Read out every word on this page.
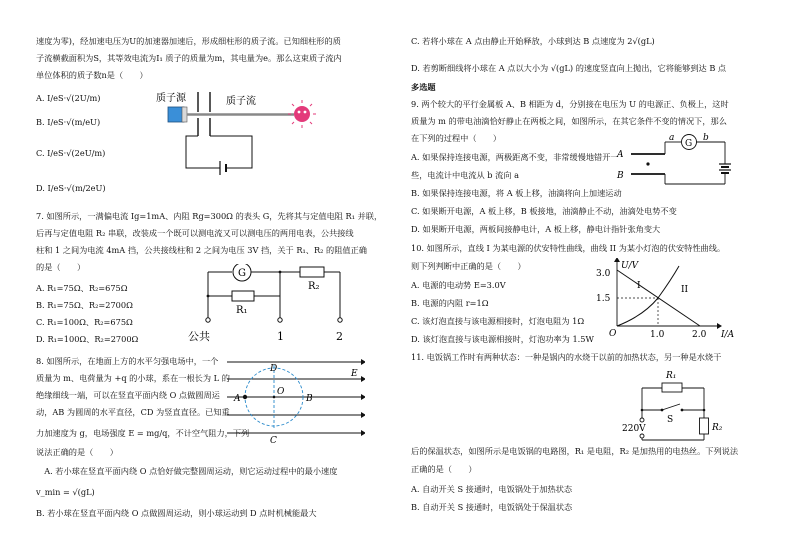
速度为零)，经加速电压为U的加速器加速后，形成细柱形的质子流。已知细柱形的质
子流横截面积为S，其等效电流为I₁ 质子的质量为m，其电量为e。那么这束质子流内
单位体积的质子数n是（　　）
A. I/eS·√(2U/m)
B. I/eS·√(m/eU)
C. I/eS·√(2eU/m)
D. I/eS·√(m/2eU)
质子源	质子流
7. 如图所示，一满偏电流 Ig=1mA、内阻 Rg=300Ω 的表头 G，先将其与定值电阻 R₁ 并联，
后再与定值电阻 R₂ 串联，改装成一个既可以测电流又可以测电压的两用电表，公共接线
柱和 1 之间为电流 4mA 挡，公共接线柱和 2 之间为电压 3V 挡，关于 R₁、R₂ 的阻值正确
的是（　　）
A. R₁=75Ω、R₂=675Ω
B. R₁=75Ω、R₂=2700Ω
C. R₁=100Ω、R₂=675Ω
D. R₁=100Ω、R₂=2700Ω
G
R₂
R₁
公共	1	2
8. 如图所示，在地面上方的水平匀强电场中，一个
质量为 m、电荷量为 +q 的小球，系在一根长为 L 的
绝缘细线一端，可以在竖直平面内绕 O 点做圆周运
动，AB 为圆周的水平直径，CD 为竖直直径。已知重
力加速度为 g，电场强度 E = mg/q，不计空气阻力，下列
说法正确的是（　　）
　A. 若小球在竖直平面内绕 O 点恰好做完整圆周运动，则它运动过程中的最小速度
v_min = √(gL)
B. 若小球在竖直平面内绕 O 点做圆周运动，则小球运动到 D 点时机械能最大
D
C
A	B
O
E
C. 若将小球在 A 点由静止开始释放，小球到达 B 点速度为 2√(gL)
D. 若剪断细线将小球在 A 点以大小为 √(gL) 的速度竖直向上抛出，它将能够到达 B 点
多选题
9. 两个较大的平行金属板 A、B 相距为 d，分别接在电压为 U 的电源正、负极上，这时
质量为 m 的带电油滴恰好静止在两板之间，如图所示，在其它条件不变的情况下，那么
在下列的过程中（　　）
A. 如果保持连接电源，两极距离不变，非常缓慢地错开一
些，电流计中电流从 b 流向 a
B. 如果保持连接电源，将 A 板上移，油滴将向上加速运动
C. 如果断开电源，A 板上移，B 板接地，油滴静止不动，油滴处电势不变
D. 如果断开电源，两板间接静电计，A 板上移，静电计指针张角变大
A
B
a
G
b
10. 如图所示，直线 I 为某电源的伏安特性曲线，曲线 II 为某小灯泡的伏安特性曲线。
则下列判断中正确的是（　　）
A. 电源的电动势 E=3.0V
B. 电源的内阻 r=1Ω
C. 该灯泡直接与该电源相接时，灯泡电阻为 1Ω
D. 该灯泡直接与该电源相接时，灯泡功率为 1.5W
U/V
I/A
3.0
1.5
1.0	2.0
O
I	II
11. 电饭锅工作时有两种状态：一种是锅内的水烧干以前的加热状态，另一种是水烧干
后的保温状态，如图所示是电饭锅的电路图，R₁ 是电阻，R₂ 是加热用的电热丝。下列说法
正确的是（　　）
A. 自动开关 S 接通时，电饭锅处于加热状态
B. 自动开关 S 接通时，电饭锅处于保温状态
R₁
S
R₂
220V
